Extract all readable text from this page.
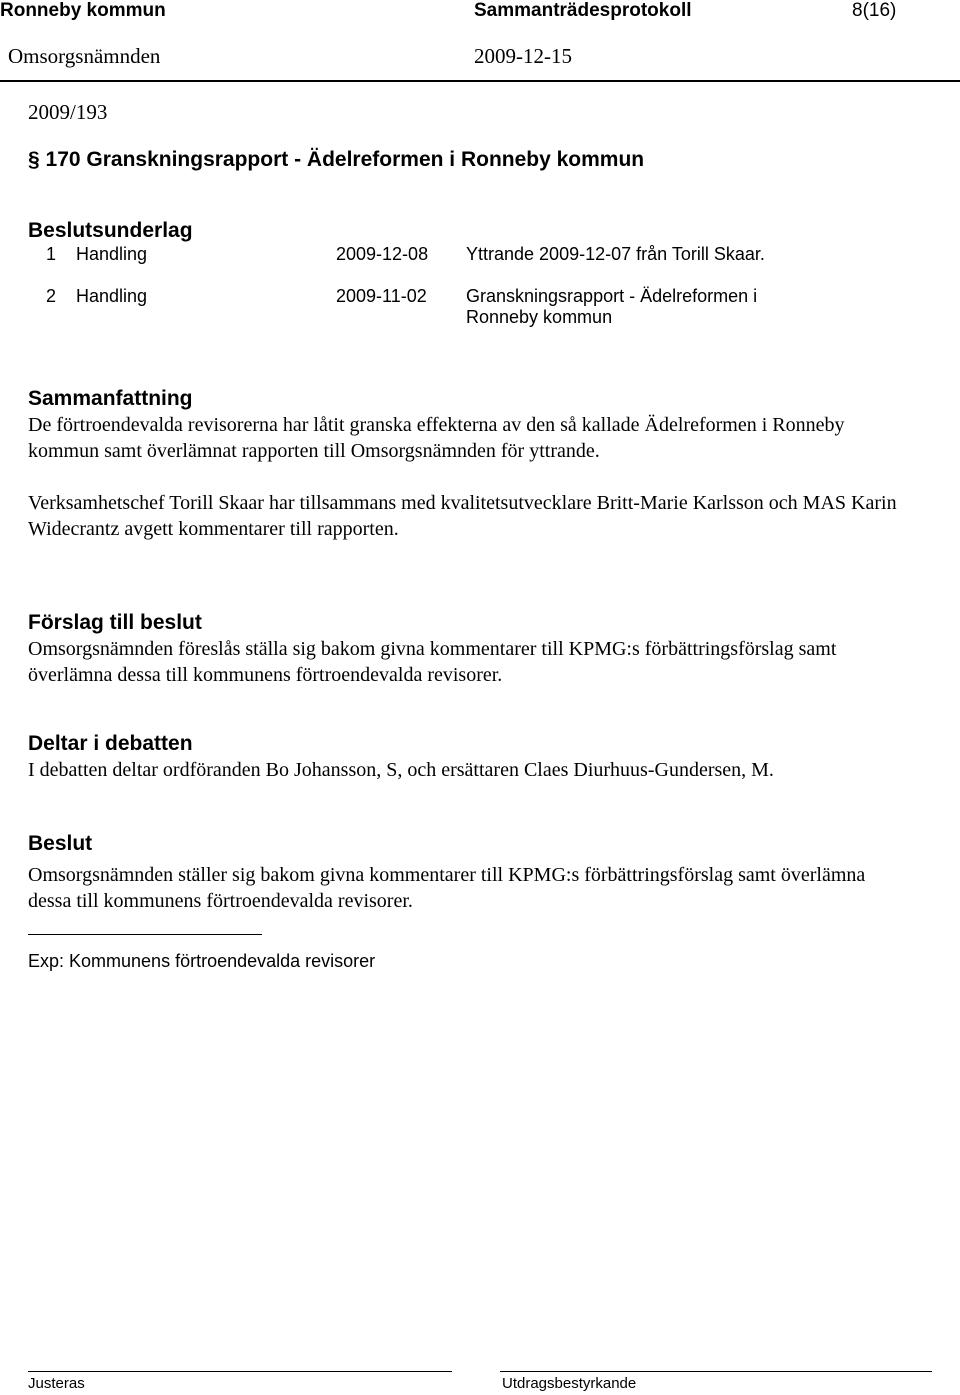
Ronneby kommun	Sammanträdesprotokoll	8(16)
Omsorgsnämnden	2009-12-15
2009/193
§ 170 Granskningsrapport - Ädelreformen i Ronneby kommun
Beslutsunderlag
1 Handling	2009-12-08 Yttrande 2009-12-07 från Torill Skaar.
2 Handling	2009-11-02 Granskningsrapport - Ädelreformen i
Ronneby kommun
Sammanfattning
De förtroendevalda revisorerna har låtit granska effekterna av den så kallade Ädelreformen i Ronneby kommun samt överlämnat rapporten till Omsorgsnämnden för yttrande.
Verksamhetschef Torill Skaar har tillsammans med kvalitetsutvecklare Britt-Marie Karlsson och MAS Karin Widecrantz avgett kommentarer till rapporten.
Förslag till beslut
Omsorgsnämnden föreslås ställa sig bakom givna kommentarer till KPMG:s förbättringsförslag samt överlämna dessa till kommunens förtroendevalda revisorer.
Deltar i debatten
I debatten deltar ordföranden Bo Johansson, S, och ersättaren Claes Diurhuus-Gundersen, M.
Beslut
Omsorgsnämnden ställer sig bakom givna kommentarer till KPMG:s förbättringsförslag samt överlämna dessa till kommunens förtroendevalda revisorer.
Exp: Kommunens förtroendevalda revisorer
Justeras	Utdragsbestyrkande
